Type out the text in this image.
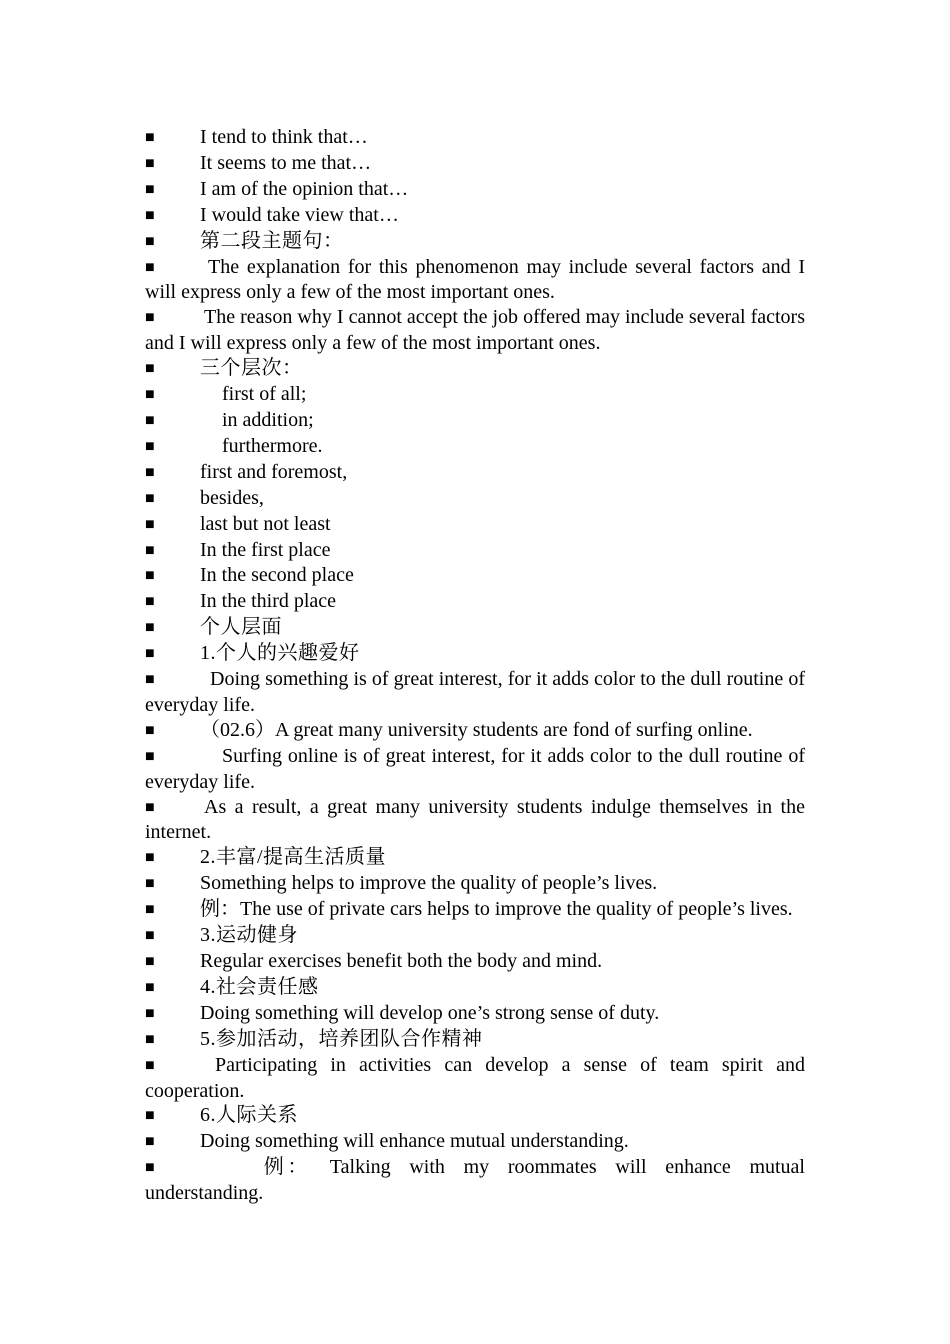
■ I tend to think that…
■ It seems to me that…
■ I am of the opinion that…
■ I would take view that…
■ 第二段主题句：
■	The explanation for this phenomenon may include several factors and I will express only a few of the most important ones.
■ The reason why I cannot accept the job offered may include several factors and I will express only a few of the most important ones.
■ 三个层次：
■	first of all;
■	in addition;
■	furthermore.
■ first and foremost,
■ besides,
■ last but not least
■ In the first place
■ In the second place
■ In the third place
■ 个人层面
■ 1.个人的兴趣爱好
■	Doing something is of great interest, for it adds color to the dull routine of everyday life.
■ （02.6）A great many university students are fond of surfing online.
■	Surfing online is of great interest, for it adds color to the dull routine of everyday life.
■ As a result, a great many university students indulge themselves in the internet.
■ 2.丰富/提高生活质量
■ Something helps to improve the quality of people’s lives.
■ 例：The use of private cars helps to improve the quality of people’s lives.
■ 3.运动健身
■ Regular exercises benefit both the body and mind.
■ 4.社会责任感
■ Doing something will develop one’s strong sense of duty.
■ 5.参加活动，培养团队合作精神
■	Participating in activities can develop a sense of team spirit and cooperation.
■ 6.人际关系
■ Doing something will enhance mutual understanding.
■	例： Talking with my roommates will enhance mutual understanding.
